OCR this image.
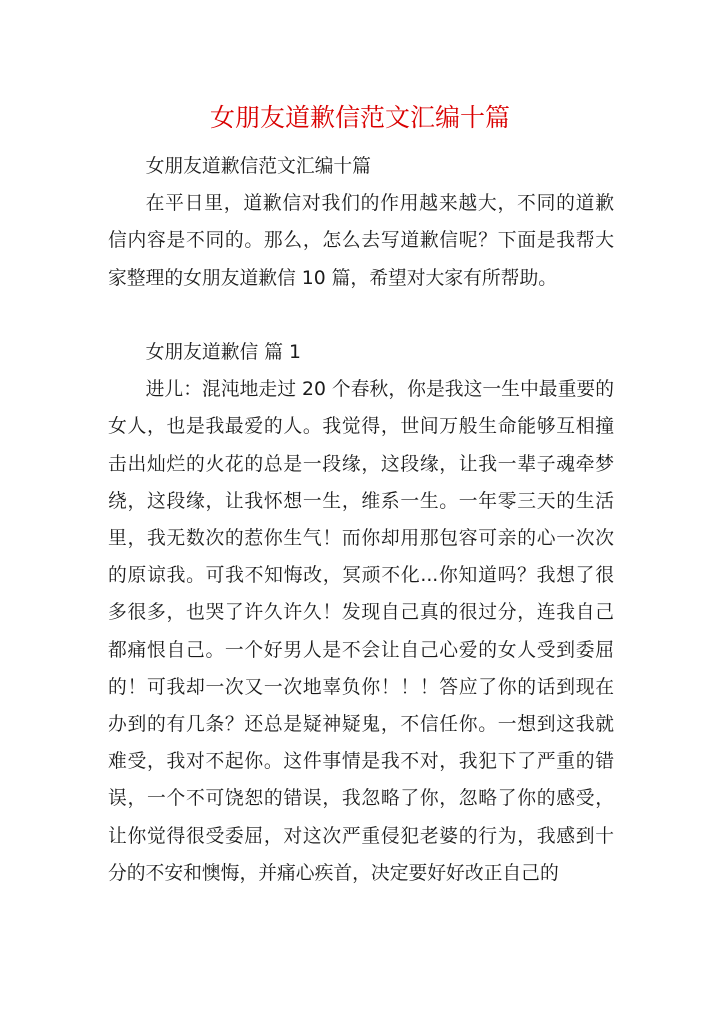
女朋友道歉信范文汇编十篇

女朋友道歉信范文汇编十篇

在平日里，道歉信对我们的作用越来越大，不同的道歉信内容是不同的。那么，怎么去写道歉信呢？下面是我帮大家整理的女朋友道歉信 10 篇，希望对大家有所帮助。

女朋友道歉信 篇 1

进儿：混沌地走过 20 个春秋，你是我这一生中最重要的女人，也是我最爱的人。我觉得，世间万般生命能够互相撞击出灿烂的火花的总是一段缘，这段缘，让我一辈子魂牵梦绕，这段缘，让我怀想一生，维系一生。一年零三天的生活里，我无数次的惹你生气！而你却用那包容可亲的心一次次的原谅我。可我不知悔改，冥顽不化...你知道吗？我想了很多很多，也哭了许久许久！发现自己真的很过分，连我自己都痛恨自己。一个好男人是不会让自己心爱的女人受到委屈的！可我却一次又一次地辜负你！！！答应了你的话到现在办到的有几条？还总是疑神疑鬼，不信任你。一想到这我就难受，我对不起你。这件事情是我不对，我犯下了严重的错误，一个不可饶恕的错误，我忽略了你，忽略了你的感受，让你觉得很受委屈，对这次严重侵犯老婆的行为，我感到十分的不安和懊悔，并痛心疾首，决定要好好改正自己的
